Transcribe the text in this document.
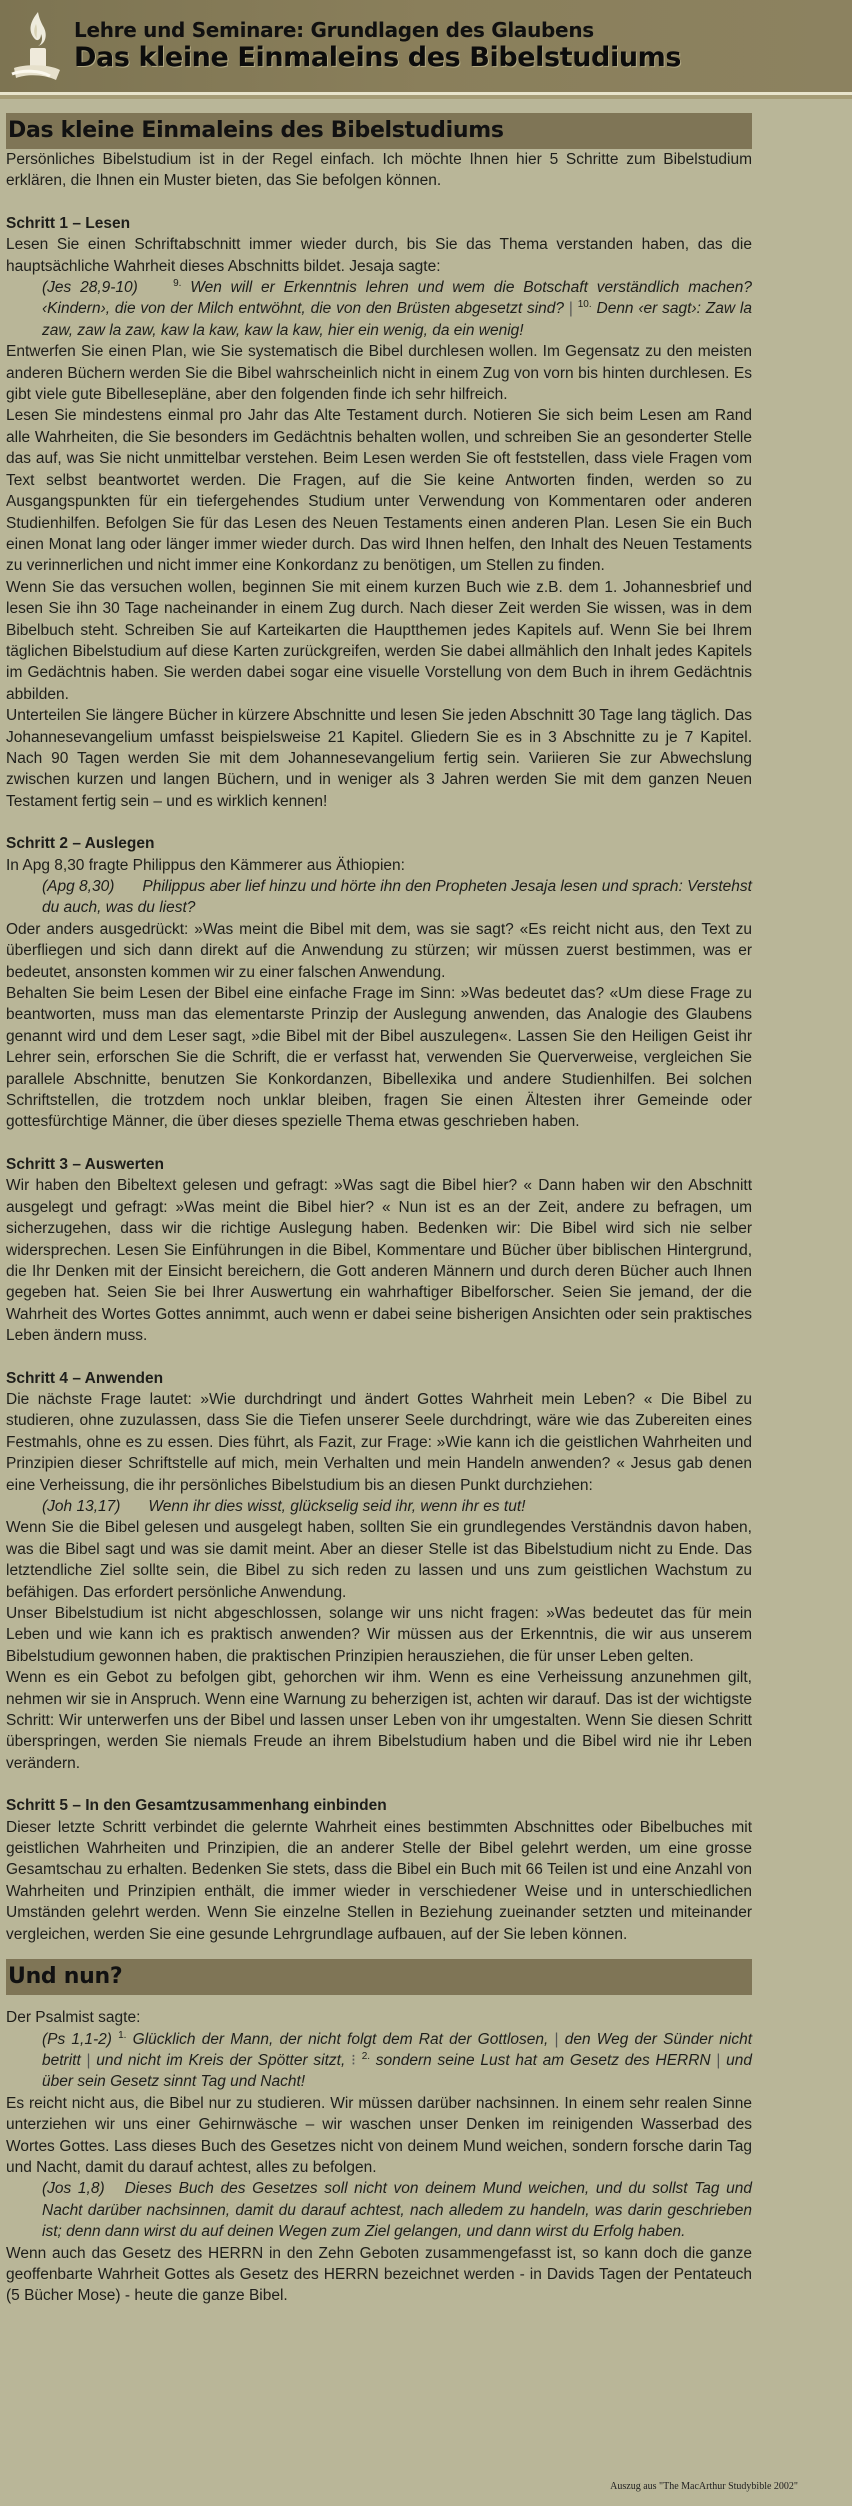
Lehre und Seminare: Grundlagen des Glaubens
Das kleine Einmaleins des Bibelstudiums
Das kleine Einmaleins des Bibelstudiums

Persönliches Bibelstudium ist in der Regel einfach. Ich möchte Ihnen hier 5 Schritte zum Bibelstudium erklären, die Ihnen ein Muster bieten, das Sie befolgen können.

Schritt 1 – Lesen

Lesen Sie einen Schriftabschnitt immer wieder durch, bis Sie das Thema verstanden haben, das die hauptsächliche Wahrheit dieses Abschnitts bildet. Jesaja sagte:

(Jes 28,9-10)	$^{9.}$ Wen will er Erkenntnis lehren und wem die Botschaft verständlich machen? ‹Kindern›, die von der Milch entwöhnt, die von den Brüsten abgesetzt sind? | $^{10.}$ Denn ‹er sagt›: Zaw la zaw, zaw la zaw, kaw la kaw, kaw la kaw, hier ein wenig, da ein wenig!

Entwerfen Sie einen Plan, wie Sie systematisch die Bibel durchlesen wollen. Im Gegensatz zu den meisten anderen Büchern werden Sie die Bibel wahrscheinlich nicht in einem Zug von vorn bis hinten durchlesen. Es gibt viele gute Bibellesepläne, aber den folgenden finde ich sehr hilfreich.

Lesen Sie mindestens einmal pro Jahr das Alte Testament durch. Notieren Sie sich beim Lesen am Rand alle Wahrheiten, die Sie besonders im Gedächtnis behalten wollen, und schreiben Sie an gesonderter Stelle das auf, was Sie nicht unmittelbar verstehen. Beim Lesen werden Sie oft feststellen, dass viele Fragen vom Text selbst beantwortet werden. Die Fragen, auf die Sie keine Antworten finden, werden so zu Ausgangspunkten für ein tiefergehendes Studium unter Verwendung von Kommentaren oder anderen Studienhilfen. Befolgen Sie für das Lesen des Neuen Testaments einen anderen Plan. Lesen Sie ein Buch einen Monat lang oder länger immer wieder durch. Das wird Ihnen helfen, den Inhalt des Neuen Testaments zu verinnerlichen und nicht immer eine Konkordanz zu benötigen, um Stellen zu finden.

Wenn Sie das versuchen wollen, beginnen Sie mit einem kurzen Buch wie z.B. dem 1. Johannesbrief und lesen Sie ihn 30 Tage nacheinander in einem Zug durch. Nach dieser Zeit werden Sie wissen, was in dem Bibelbuch steht. Schreiben Sie auf Karteikarten die Hauptthemen jedes Kapitels auf. Wenn Sie bei Ihrem täglichen Bibelstudium auf diese Karten zurückgreifen, werden Sie dabei allmählich den Inhalt jedes Kapitels im Gedächtnis haben. Sie werden dabei sogar eine visuelle Vorstellung von dem Buch in ihrem Gedächtnis abbilden.

Unterteilen Sie längere Bücher in kürzere Abschnitte und lesen Sie jeden Abschnitt 30 Tage lang täglich. Das Johannesevangelium umfasst beispielsweise 21 Kapitel. Gliedern Sie es in 3 Abschnitte zu je 7 Kapitel. Nach 90 Tagen werden Sie mit dem Johannesevangelium fertig sein. Variieren Sie zur Abwechslung zwischen kurzen und langen Büchern, und in weniger als 3 Jahren werden Sie mit dem ganzen Neuen Testament fertig sein – und es wirklich kennen!

Schritt 2 – Auslegen

In Apg 8,30 fragte Philippus den Kämmerer aus Äthiopien:

(Apg 8,30) Philippus aber lief hinzu und hörte ihn den Propheten Jesaja lesen und sprach: Verstehst du auch, was du liest?

Oder anders ausgedrückt: »Was meint die Bibel mit dem, was sie sagt? «Es reicht nicht aus, den Text zu überfliegen und sich dann direkt auf die Anwendung zu stürzen; wir müssen zuerst bestimmen, was er bedeutet, ansonsten kommen wir zu einer falschen Anwendung.

Behalten Sie beim Lesen der Bibel eine einfache Frage im Sinn: »Was bedeutet das? «Um diese Frage zu beantworten, muss man das elementarste Prinzip der Auslegung anwenden, das Analogie des Glaubens genannt wird und dem Leser sagt, »die Bibel mit der Bibel auszulegen«. Lassen Sie den Heiligen Geist ihr Lehrer sein, erforschen Sie die Schrift, die er verfasst hat, verwenden Sie Querverweise, vergleichen Sie parallele Abschnitte, benutzen Sie Konkordanzen, Bibellexika und andere Studienhilfen. Bei solchen Schriftstellen, die trotzdem noch unklar bleiben, fragen Sie einen Ältesten ihrer Gemeinde oder gottesfürchtige Männer, die über dieses spezielle Thema etwas geschrieben haben.

Schritt 3 – Auswerten

Wir haben den Bibeltext gelesen und gefragt: »Was sagt die Bibel hier? « Dann haben wir den Abschnitt ausgelegt und gefragt: »Was meint die Bibel hier? « Nun ist es an der Zeit, andere zu befragen, um sicherzugehen, dass wir die richtige Auslegung haben. Bedenken wir: Die Bibel wird sich nie selber widersprechen. Lesen Sie Einführungen in die Bibel, Kommentare und Bücher über biblischen Hintergrund, die Ihr Denken mit der Einsicht bereichern, die Gott anderen Männern und durch deren Bücher auch Ihnen gegeben hat. Seien Sie bei Ihrer Auswertung ein wahrhaftiger Bibelforscher. Seien Sie jemand, der die Wahrheit des Wortes Gottes annimmt, auch wenn er dabei seine bisherigen Ansichten oder sein praktisches Leben ändern muss.

Schritt 4 – Anwenden

Die nächste Frage lautet: »Wie durchdringt und ändert Gottes Wahrheit mein Leben? « Die Bibel zu studieren, ohne zuzulassen, dass Sie die Tiefen unserer Seele durchdringt, wäre wie das Zubereiten eines Festmahls, ohne es zu essen. Dies führt, als Fazit, zur Frage: »Wie kann ich die geistlichen Wahrheiten und Prinzipien dieser Schriftstelle auf mich, mein Verhalten und mein Handeln anwenden? « Jesus gab denen eine Verheissung, die ihr persönliches Bibelstudium bis an diesen Punkt durchziehen:

(Joh 13,17) Wenn ihr dies wisst, glückselig seid ihr, wenn ihr es tut!

Wenn Sie die Bibel gelesen und ausgelegt haben, sollten Sie ein grundlegendes Verständnis davon haben, was die Bibel sagt und was sie damit meint. Aber an dieser Stelle ist das Bibelstudium nicht zu Ende. Das letztendliche Ziel sollte sein, die Bibel zu sich reden zu lassen und uns zum geistlichen Wachstum zu befähigen. Das erfordert persönliche Anwendung.

Unser Bibelstudium ist nicht abgeschlossen, solange wir uns nicht fragen: »Was bedeutet das für mein Leben und wie kann ich es praktisch anwenden? Wir müssen aus der Erkenntnis, die wir aus unserem Bibelstudium gewonnen haben, die praktischen Prinzipien herausziehen, die für unser Leben gelten.

Wenn es ein Gebot zu befolgen gibt, gehorchen wir ihm. Wenn es eine Verheissung anzunehmen gilt, nehmen wir sie in Anspruch. Wenn eine Warnung zu beherzigen ist, achten wir darauf. Das ist der wichtigste Schritt: Wir unterwerfen uns der Bibel und lassen unser Leben von ihr umgestalten. Wenn Sie diesen Schritt überspringen, werden Sie niemals Freude an ihrem Bibelstudium haben und die Bibel wird nie ihr Leben verändern.

Schritt 5 – In den Gesamtzusammenhang einbinden

Dieser letzte Schritt verbindet die gelernte Wahrheit eines bestimmten Abschnittes oder Bibelbuches mit geistlichen Wahrheiten und Prinzipien, die an anderer Stelle der Bibel gelehrt werden, um eine grosse Gesamtschau zu erhalten. Bedenken Sie stets, dass die Bibel ein Buch mit 66 Teilen ist und eine Anzahl von Wahrheiten und Prinzipien enthält, die immer wieder in verschiedener Weise und in unterschiedlichen Umständen gelehrt werden. Wenn Sie einzelne Stellen in Beziehung zueinander setzten und miteinander vergleichen, werden Sie eine gesunde Lehrgrundlage aufbauen, auf der Sie leben können.

Und nun?

Der Psalmist sagte:

(Ps 1,1-2) $^{1.}$ Glücklich der Mann, der nicht folgt dem Rat der Gottlosen, | den Weg der Sünder nicht betritt | und nicht im Kreis der Spötter sitzt, ⁝ $^{2.}$ sondern seine Lust hat am Gesetz des HERRN | und über sein Gesetz sinnt Tag und Nacht!

Es reicht nicht aus, die Bibel nur zu studieren. Wir müssen darüber nachsinnen. In einem sehr realen Sinne unterziehen wir uns einer Gehirnwäsche – wir waschen unser Denken im reinigenden Wasserbad des Wortes Gottes. Lass dieses Buch des Gesetzes nicht von deinem Mund weichen, sondern forsche darin Tag und Nacht, damit du darauf achtest, alles zu befolgen.

(Jos 1,8) Dieses Buch des Gesetzes soll nicht von deinem Mund weichen, und du sollst Tag und Nacht darüber nachsinnen, damit du darauf achtest, nach alledem zu handeln, was darin geschrieben ist; denn dann wirst du auf deinen Wegen zum Ziel gelangen, und dann wirst du Erfolg haben.

Wenn auch das Gesetz des HERRN in den Zehn Geboten zusammengefasst ist, so kann doch die ganze geoffenbarte Wahrheit Gottes als Gesetz des HERRN bezeichnet werden - in Davids Tagen der Pentateuch (5 Bücher Mose) - heute die ganze Bibel.

Auszug aus "The MacArthur Studybible 2002"
